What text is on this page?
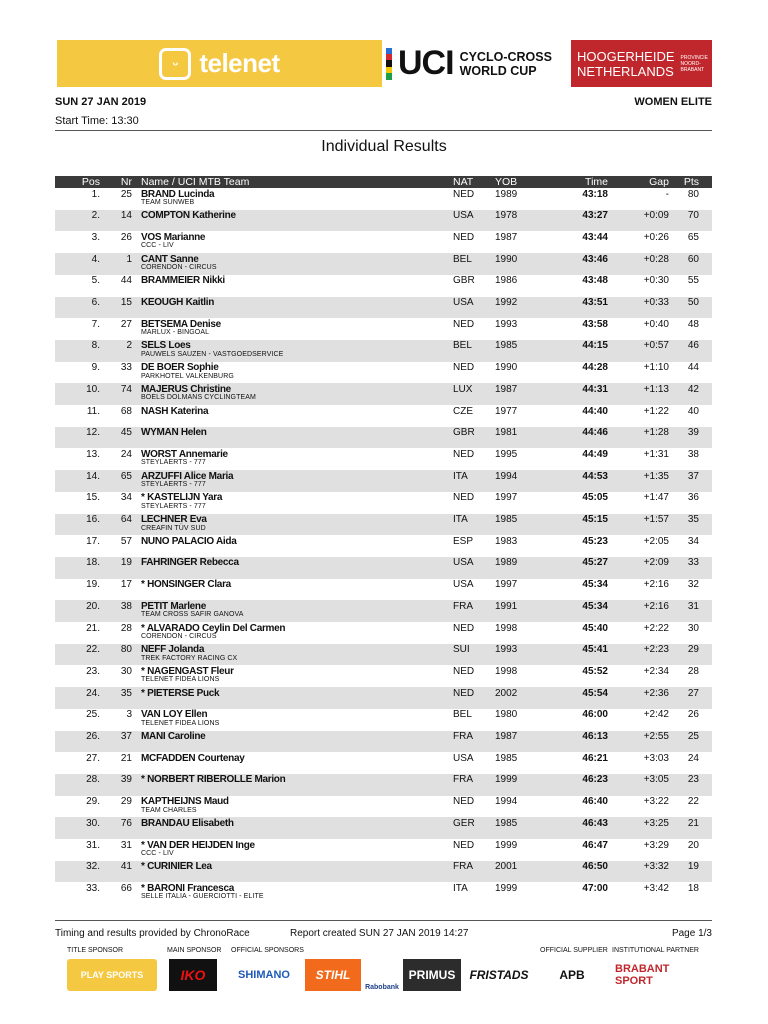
ᵕ telenet	UCI CYCLO-CROSS
WORLD CUP
HOOGERHEIDE
NETHERLANDS
PROVINCIE
NOORD-BRABANT
SUN 27 JAN 2019
Start Time: 13:30
WOMEN ELITE
Individual Results
Pos Nr Name / UCI MTB Team	NAT YOB	Time	Gap Pts
1. 25 BRAND Lucinda
TEAM SUNWEB
NED 1989	43:18	- 80
2. 14 COMPTON Katherine	USA 1978	43:27	+0:09 70
3. 26 VOS Marianne
CCC - LIV
NED 1987	43:44	+0:26 65
4.	1 CANT Sanne
CORENDON - CIRCUS
BEL 1990	43:46	+0:28 60
5. 44 BRAMMEIER Nikki	GBR 1986	43:48	+0:30 55
6. 15 KEOUGH Kaitlin	USA 1992	43:51	+0:33 50
7. 27 BETSEMA Denise
MARLUX - BINGOAL
NED 1993	43:58	+0:40 48
8.	2 SELS Loes
PAUWELS SAUZEN - VASTGOEDSERVICE
BEL 1985	44:15	+0:57 46
9. 33 DE BOER Sophie
PARKHOTEL VALKENBURG
NED 1990	44:28	+1:10 44
10. 74 MAJERUS Christine
BOELS DOLMANS CYCLINGTEAM
LUX 1987	44:31	+1:13 42
11. 68 NASH Katerina	CZE 1977	44:40	+1:22 40
12. 45 WYMAN Helen	GBR 1981	44:46	+1:28 39
13. 24 WORST Annemarie
STEYLAERTS - 777
NED 1995	44:49	+1:31 38
14. 65 ARZUFFI Alice Maria
STEYLAERTS - 777
ITA	1994	44:53	+1:35 37
15. 34 * KASTELIJN Yara
STEYLAERTS - 777
NED 1997	45:05	+1:47 36
16. 64 LECHNER Eva
CREAFIN TÜV SUD
ITA	1985	45:15	+1:57 35
17. 57 NUNO PALACIO Aida	ESP 1983	45:23	+2:05 34
18. 19 FAHRINGER Rebecca	USA 1989	45:27	+2:09 33
19. 17 * HONSINGER Clara	USA 1997	45:34	+2:16 32
20. 38 PETIT Marlene
TEAM CROSS SAFIR GANOVA
FRA 1991	45:34	+2:16 31
21. 28 * ALVARADO Ceylin Del Carmen
CORENDON - CIRCUS
NED 1998	45:40	+2:22 30
22. 80 NEFF Jolanda
TREK FACTORY RACING CX
SUI	1993	45:41	+2:23 29
23. 30 * NAGENGAST Fleur
TELENET FIDEA LIONS
NED 1998	45:52	+2:34 28
24. 35 * PIETERSE Puck	NED 2002	45:54	+2:36 27
25.	3 VAN LOY Ellen
TELENET FIDEA LIONS
BEL 1980	46:00	+2:42 26
26. 37 MANI Caroline	FRA 1987	46:13	+2:55 25
27. 21 MCFADDEN Courtenay	USA 1985	46:21	+3:03 24
28. 39 * NORBERT RIBEROLLE Marion	FRA 1999	46:23	+3:05 23
29. 29 KAPTHEIJNS Maud
TEAM CHARLES
NED 1994	46:40	+3:22 22
30. 76 BRANDAU Elisabeth	GER 1985	46:43	+3:25 21
31. 31 * VAN DER HEIJDEN Inge
CCC - LIV
NED 1999	46:47	+3:29 20
32. 41 * CURINIER Lea	FRA 2001	46:50	+3:32 19
33. 66 * BARONI Francesca
SELLE ITALIA - GUERCIOTTI - ELITE
ITA	1999	47:00	+3:42 18
Timing and results provided by ChronoRace	Report created SUN 27 JAN 2019 14:27	Page 1/3
TITLE SPONSOR	MAIN SPONSOR OFFICIAL SPONSORS	OFFICIAL SUPPLIER INSTITUTIONAL PARTNER
PLAY SPORTS	IKO	SHIMANO	STIHL
Rabobank
PRIMUS	FRISTADS	APB	BRABANT SPORT
